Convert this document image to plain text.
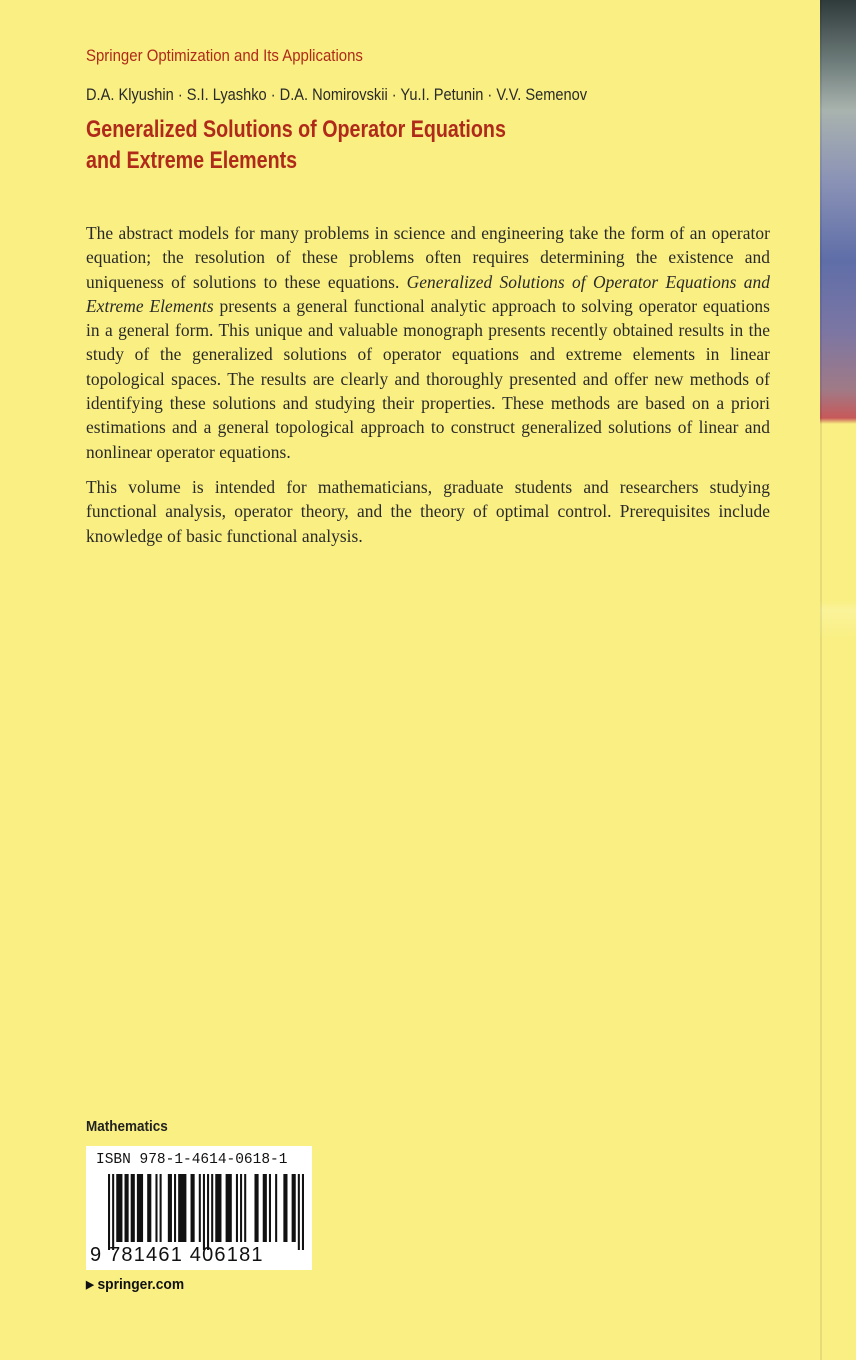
Springer Optimization and Its Applications
D.A. Klyushin · S.I. Lyashko · D.A. Nomirovskii · Yu.I. Petunin · V.V. Semenov
Generalized Solutions of Operator Equations
and Extreme Elements

The abstract models for many problems in science and engineering take the form of an operator equation; the resolution of these problems often requires determining the existence and uniqueness of solutions to these equations. Generalized Solutions of Operator Equations and Extreme Elements presents a general functional analytic approach to solving operator equations in a general form. This unique and valuable monograph presents recently obtained results in the study of the generalized solutions of operator equations and extreme elements in linear topological spaces. The results are clearly and thoroughly presented and offer new methods of identifying these solutions and studying their properties. These methods are based on a priori estimations and a general topological approach to construct generalized solutions of linear and nonlinear operator equations.

This volume is intended for mathematicians, graduate students and researchers studying functional analysis, operator theory, and the theory of optimal control. Prerequisites include knowledge of basic functional analysis.

Mathematics
ISBN 978-1-4614-0618-1
9 781461 406181
▶ springer.com
